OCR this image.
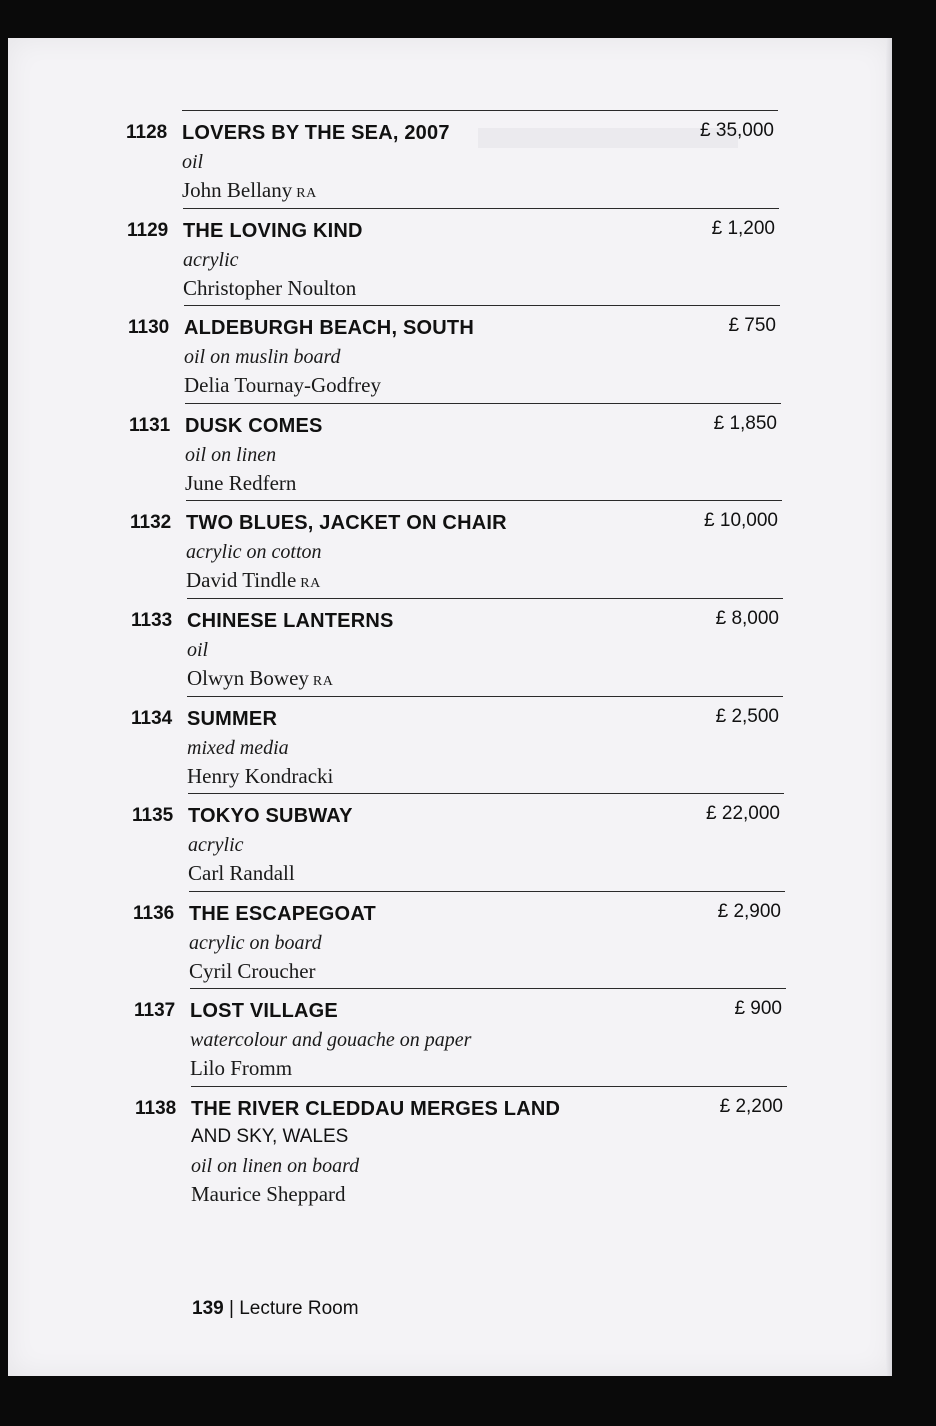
1128 LOVERS BY THE SEA, 2007
oil
John Bellany RA
£ 35,000
1129 THE LOVING KIND
acrylic
Christopher Noulton
£ 1,200
1130 ALDEBURGH BEACH, SOUTH
oil on muslin board
Delia Tournay-Godfrey
£ 750
1131 DUSK COMES
oil on linen
June Redfern
£ 1,850
1132 TWO BLUES, JACKET ON CHAIR
acrylic on cotton
David Tindle RA
£ 10,000
1133 CHINESE LANTERNS
oil
Olwyn Bowey RA
£ 8,000
1134 SUMMER
mixed media
Henry Kondracki
£ 2,500
1135 TOKYO SUBWAY
acrylic
Carl Randall
£ 22,000
1136 THE ESCAPEGOAT
acrylic on board
Cyril Croucher
£ 2,900
1137 LOST VILLAGE
watercolour and gouache on paper
Lilo Fromm
£ 900
1138 THE RIVER CLEDDAU MERGES LAND
AND SKY, WALES
oil on linen on board
Maurice Sheppard
£ 2,200
139 | Lecture Room
